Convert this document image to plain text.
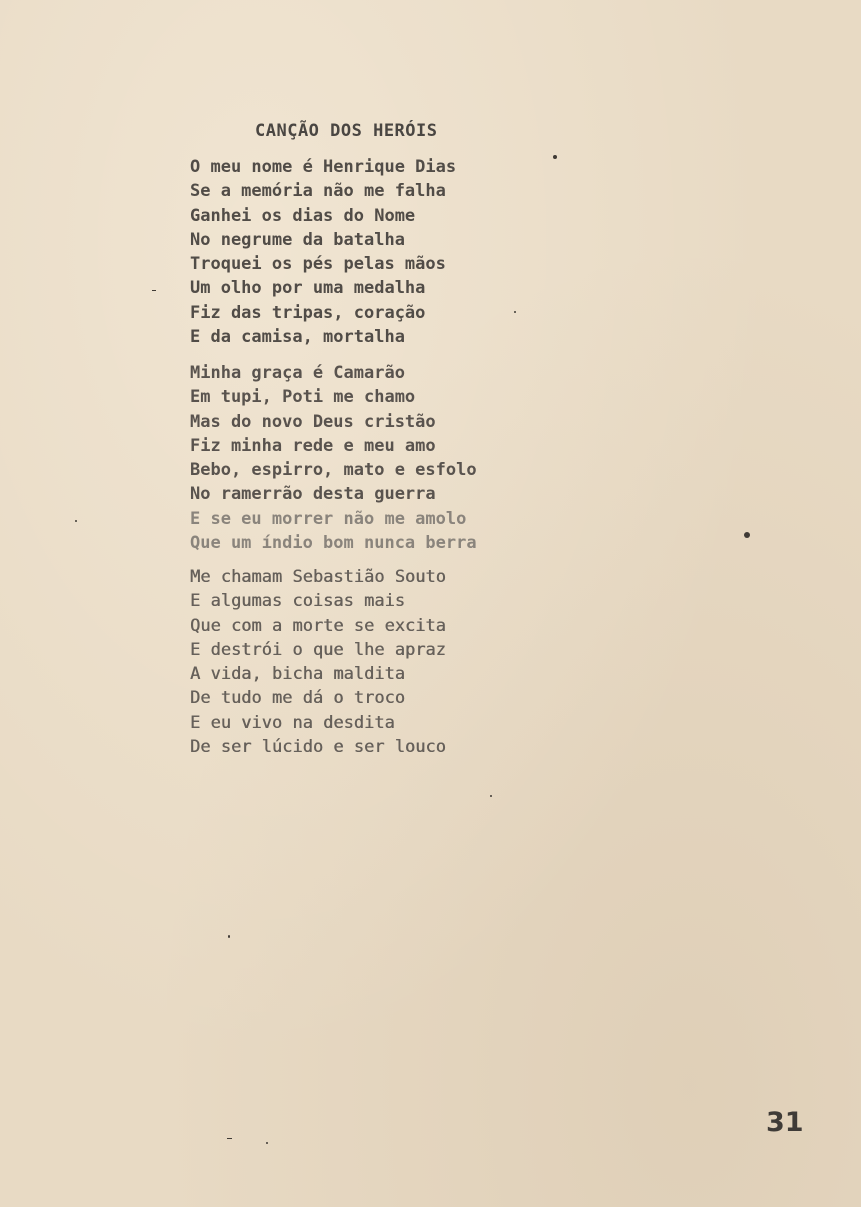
CANÇÃO DOS HERÓIS
O meu nome é Henrique Dias
Se a memória não me falha
Ganhei os dias do Nome
No negrume da batalha
Troquei os pés pelas mãos
Um olho por uma medalha
Fiz das tripas, coração
E da camisa, mortalha
Minha graça é Camarão
Em tupi, Poti me chamo
Mas do novo Deus cristão
Fiz minha rede e meu amo
Bebo, espirro, mato e esfolo
No ramerrão desta guerra
E se eu morrer não me amolo
Que um índio bom nunca berra
Me chamam Sebastião Souto
E algumas coisas mais
Que com a morte se excita
E destrói o que lhe apraz
A vida, bicha maldita
De tudo me dá o troco
E eu vivo na desdita
De ser lúcido e ser louco
31
